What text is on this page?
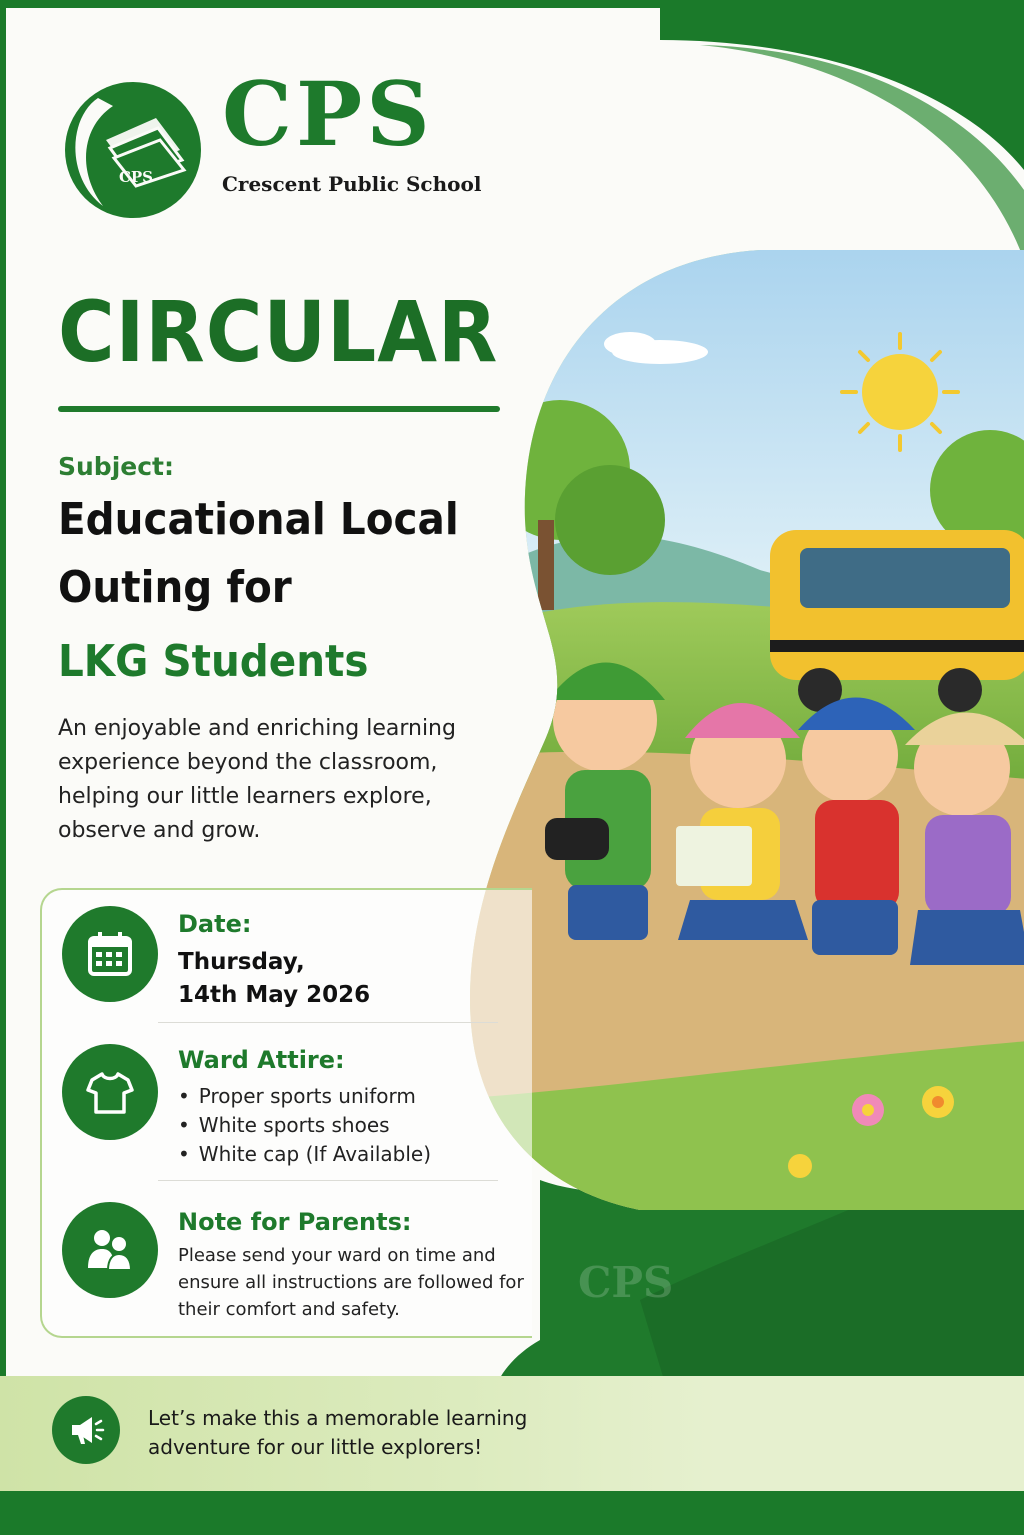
CPS
CPS
Crescent Public School
CIRCULAR
Subject:
Educational Local
Outing for
LKG Students
An enjoyable and enriching learning experience beyond the classroom, helping our little learners explore, observe and grow.
Date:
Thursday,
14th May 2026
Ward Attire:
• Proper sports uniform
• White sports shoes
• White cap (If Available)
Note for Parents:
Please send your ward on time and ensure all instructions are followed for their comfort and safety.
CPS
Let’s make this a memorable learning adventure for our little explorers!
